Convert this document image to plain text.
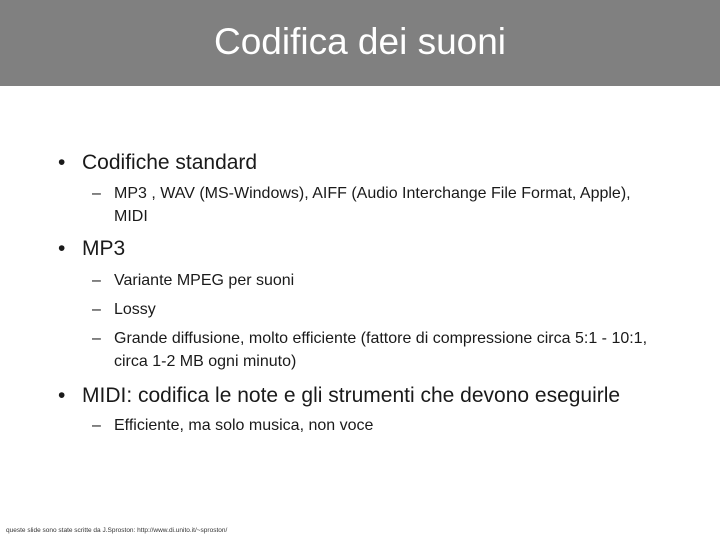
Codifica dei suoni
• Codifiche standard
– MP3 , WAV (MS-Windows), AIFF (Audio Interchange File Format, Apple), MIDI
• MP3
– Variante MPEG per suoni
– Lossy
– Grande diffusione, molto efficiente (fattore di compressione circa 5:1 - 10:1, circa 1-2 MB ogni minuto)
• MIDI: codifica le note e gli strumenti che devono eseguirle
– Efficiente, ma solo musica, non voce
queste slide sono state scritte da J.Sproston: http://www.di.unito.it/~sproston/
